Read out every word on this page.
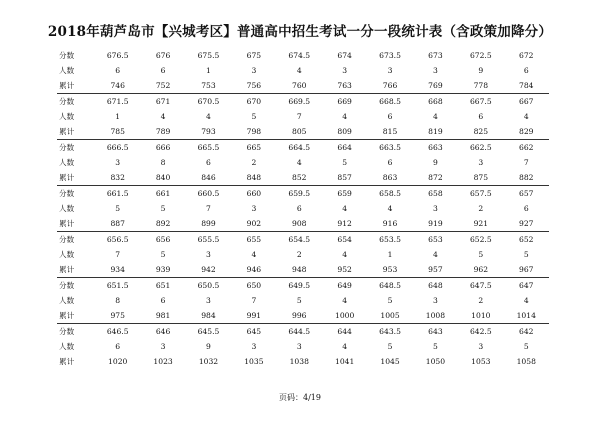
2018年葫芦岛市【兴城考区】普通高中招生考试一分一段统计表（含政策加降分）
分数	676.5	676	675.5	675	674.5	674	673.5	673	672.5	672
人数	6	6	1	3	4	3	3	3	9	6
累计	746	752	753	756	760	763	766	769	778	784
分数	671.5	671	670.5	670	669.5	669	668.5	668	667.5	667
人数	1	4	4	5	7	4	6	4	6	4
累计	785	789	793	798	805	809	815	819	825	829
分数	666.5	666	665.5	665	664.5	664	663.5	663	662.5	662
人数	3	8	6	2	4	5	6	9	3	7
累计	832	840	846	848	852	857	863	872	875	882
分数	661.5	661	660.5	660	659.5	659	658.5	658	657.5	657
人数	5	5	7	3	6	4	4	3	2	6
累计	887	892	899	902	908	912	916	919	921	927
分数	656.5	656	655.5	655	654.5	654	653.5	653	652.5	652
人数	7	5	3	4	2	4	1	4	5	5
累计	934	939	942	946	948	952	953	957	962	967
分数	651.5	651	650.5	650	649.5	649	648.5	648	647.5	647
人数	8	6	3	7	5	4	5	3	2	4
累计	975	981	984	991	996	1000	1005	1008	1010	1014
分数	646.5	646	645.5	645	644.5	644	643.5	643	642.5	642
人数	6	3	9	3	3	4	5	5	3	5
累计	1020	1023	1032	1035	1038	1041	1045	1050	1053	1058
页码：4/19
